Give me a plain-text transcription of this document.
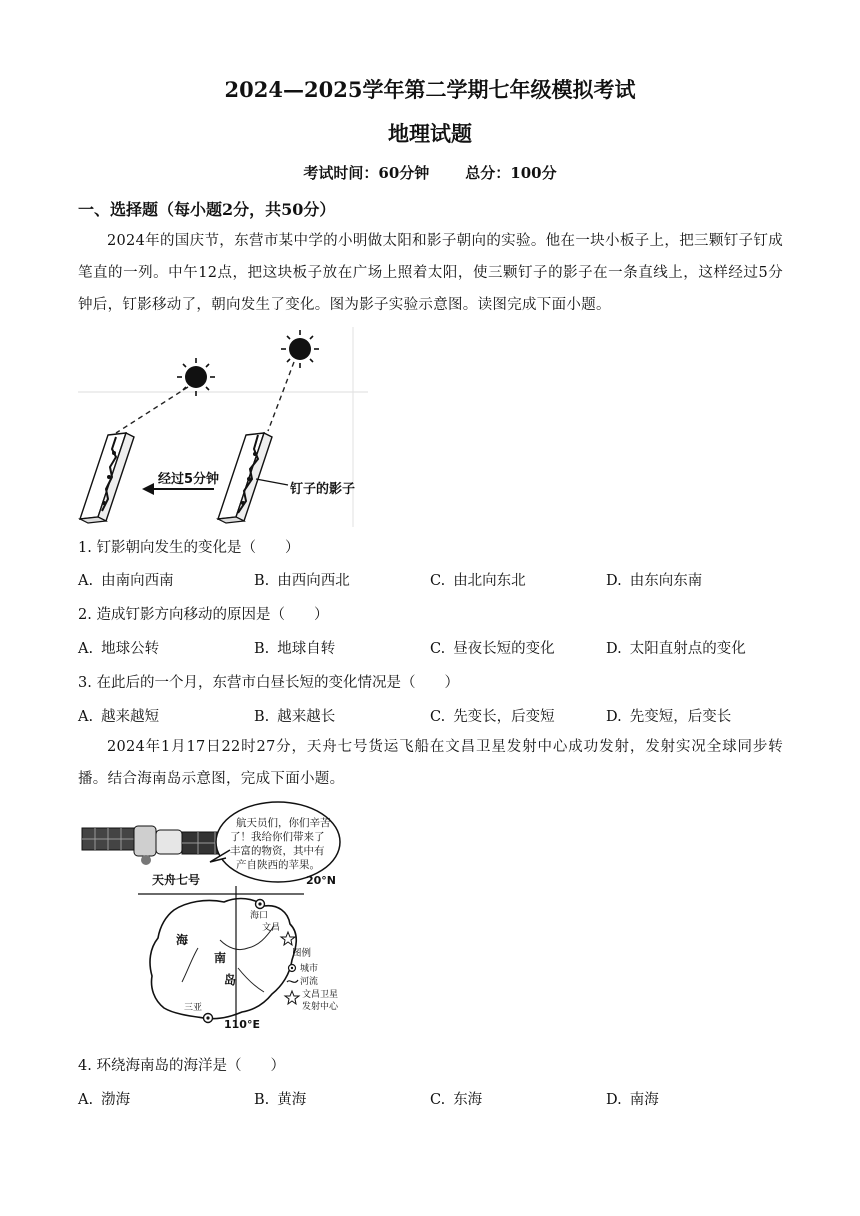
2024—2025学年第二学期七年级模拟考试
地理试题
考试时间：60分钟 总分：100分
一、选择题（每小题2分，共50分）
2024年的国庆节，东营市某中学的小明做太阳和影子朝向的实验。他在一块小板子上，把三颗钉子钉成笔直的一列。中午12点，把这块板子放在广场上照着太阳，使三颗钉子的影子在一条直线上，这样经过5分钟后，钉影移动了，朝向发生了变化。图为影子实验示意图。读图完成下面小题。
经过5分钟
钉子的影子
1. 钉影朝向发生的变化是（　　）
A. 由南向西南	B. 由西向西北	C. 由北向东北	D. 由东向东南
2. 造成钉影方向移动的原因是（　　）
A. 地球公转	B. 地球自转	C. 昼夜长短的变化	D. 太阳直射点的变化
3. 在此后的一个月，东营市白昼长短的变化情况是（　　）
A. 越来越短	B. 越来越长	C. 先变长，后变短	D. 先变短，后变长
2024年1月17日22时27分，天舟七号货运飞船在文昌卫星发射中心成功发射，发射实况全球同步转播。结合海南岛示意图，完成下面小题。
天舟七号
航天员们，你们辛苦
了！我给你们带来了
丰富的物资，其中有
产自陕西的苹果。
20°N
110°E
海
南
岛
海口
文昌
三亚
图例
城市
河流
文昌卫星
发射中心
4. 环绕海南岛的海洋是（　　）
A. 渤海	B. 黄海	C. 东海	D. 南海
